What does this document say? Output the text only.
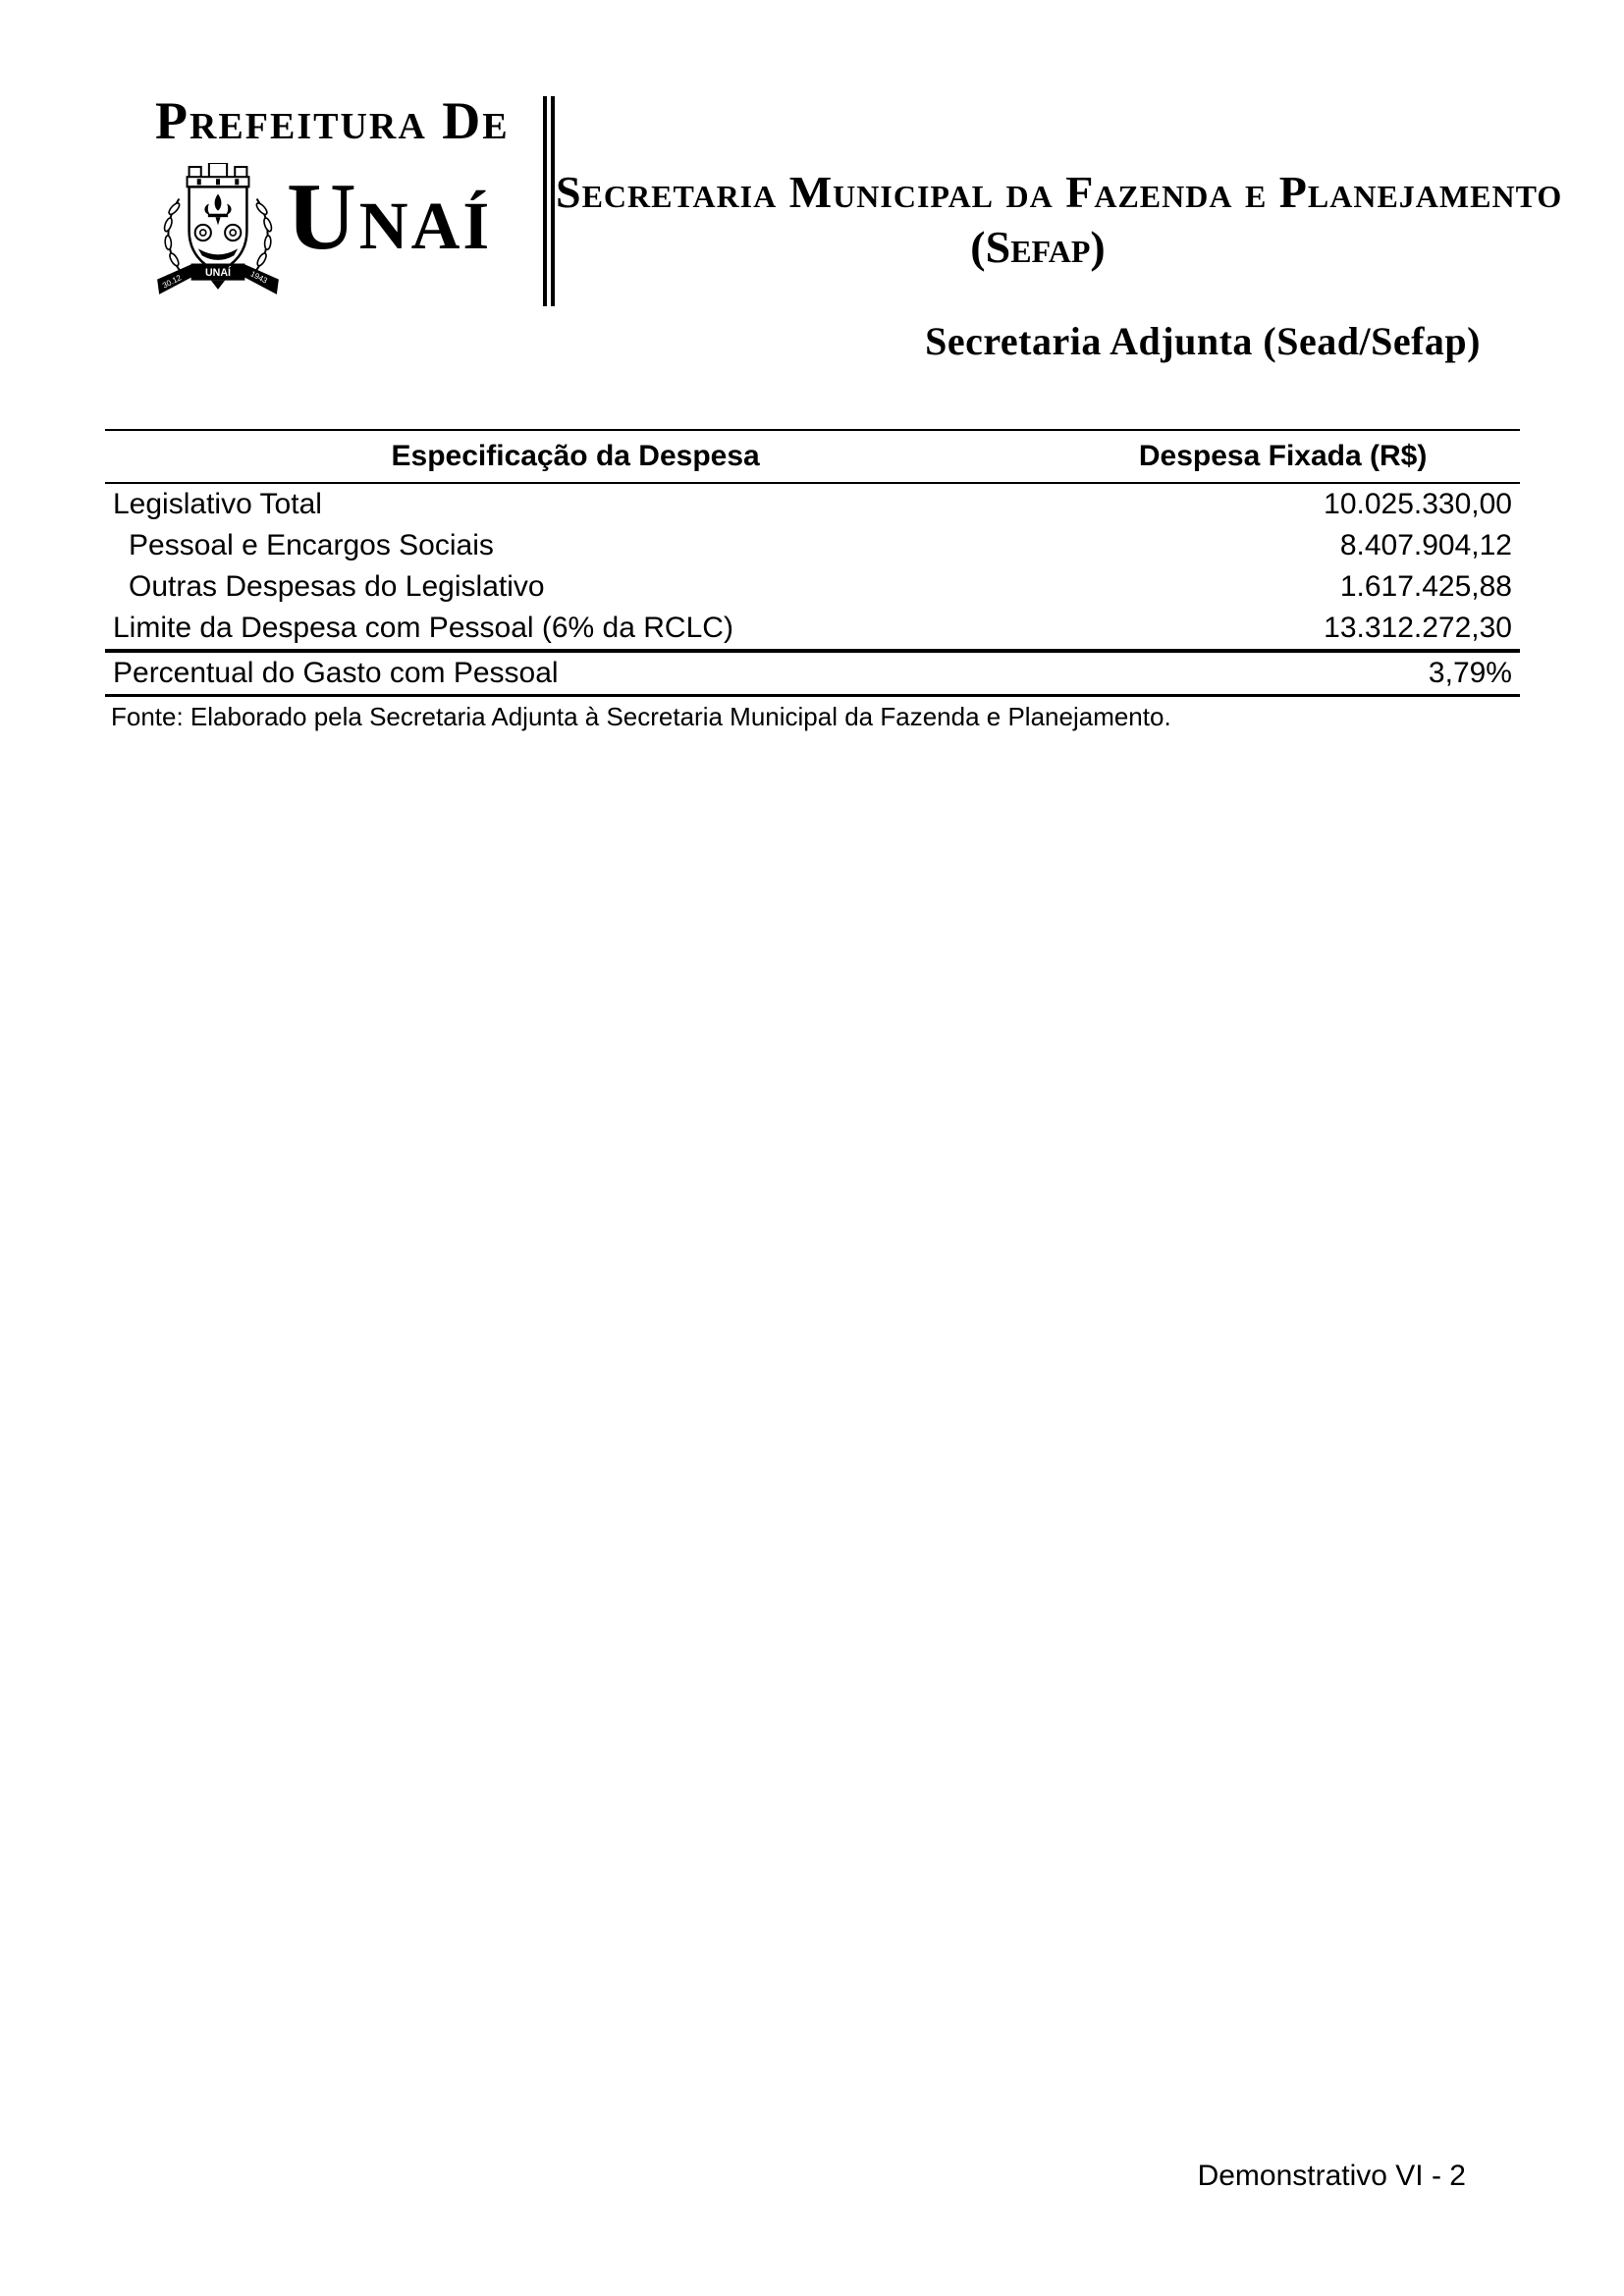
Prefeitura De
30.12
UNAÍ 1943
Unaí Secretaria Municipal da Fazenda e Planejamento
(Sefap)
Secretaria Adjunta (Sead/Sefap)
Especificação da Despesa	Despesa Fixada (R$)
Legislativo Total	10.025.330,00
Pessoal e Encargos Sociais	8.407.904,12
Outras Despesas do Legislativo	1.617.425,88
Limite da Despesa com Pessoal (6% da RCLC)	13.312.272,30
Percentual do Gasto com Pessoal	3,79%
Fonte: Elaborado pela Secretaria Adjunta à Secretaria Municipal da Fazenda e Planejamento.
Demonstrativo VI - 2
